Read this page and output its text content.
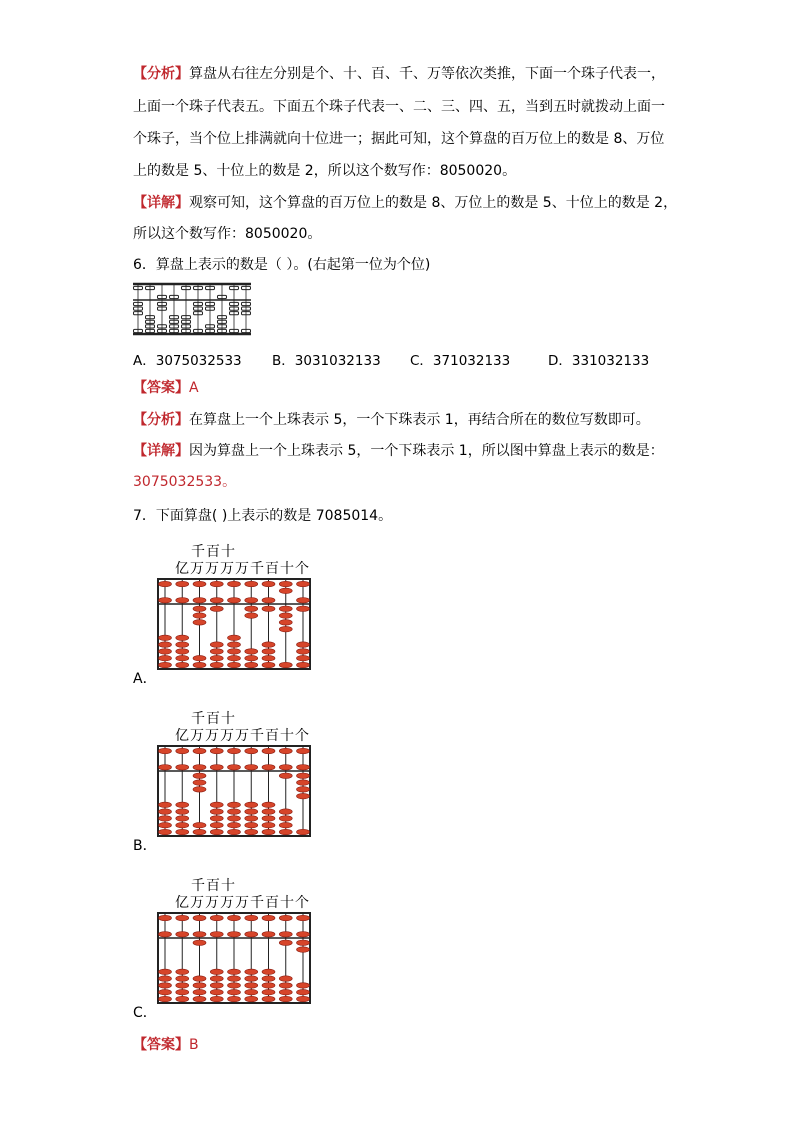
【分析】算盘从右往左分别是个、十、百、千、万等依次类推，下面一个珠子代表一，
上面一个珠子代表五。下面五个珠子代表一、二、三、四、五，当到五时就拨动上面一
个珠子，当个位上排满就向十位进一；据此可知，这个算盘的百万位上的数是 8、万位
上的数是 5、十位上的数是 2，所以这个数写作：8050020。
【详解】观察可知，这个算盘的百万位上的数是 8、万位上的数是 5、十位上的数是 2，
所以这个数写作：8050020。
6．算盘上表示的数是（ ）。(右起第一位为个位)
A．3075032533 B．3031032133 C．371032133	D．331032133
【答案】A
【分析】在算盘上一个上珠表示 5，一个下珠表示 1，再结合所在的数位写数即可。
【详解】因为算盘上一个上珠表示 5，一个下珠表示 1，所以图中算盘上表示的数是：
3075032533。
7．下面算盘( )上表示的数是 7085014。
千百十
亿万万万万千百十个
A．
千百十
亿万万万万千百十个
B．
千百十
亿万万万万千百十个
C．
【答案】B
